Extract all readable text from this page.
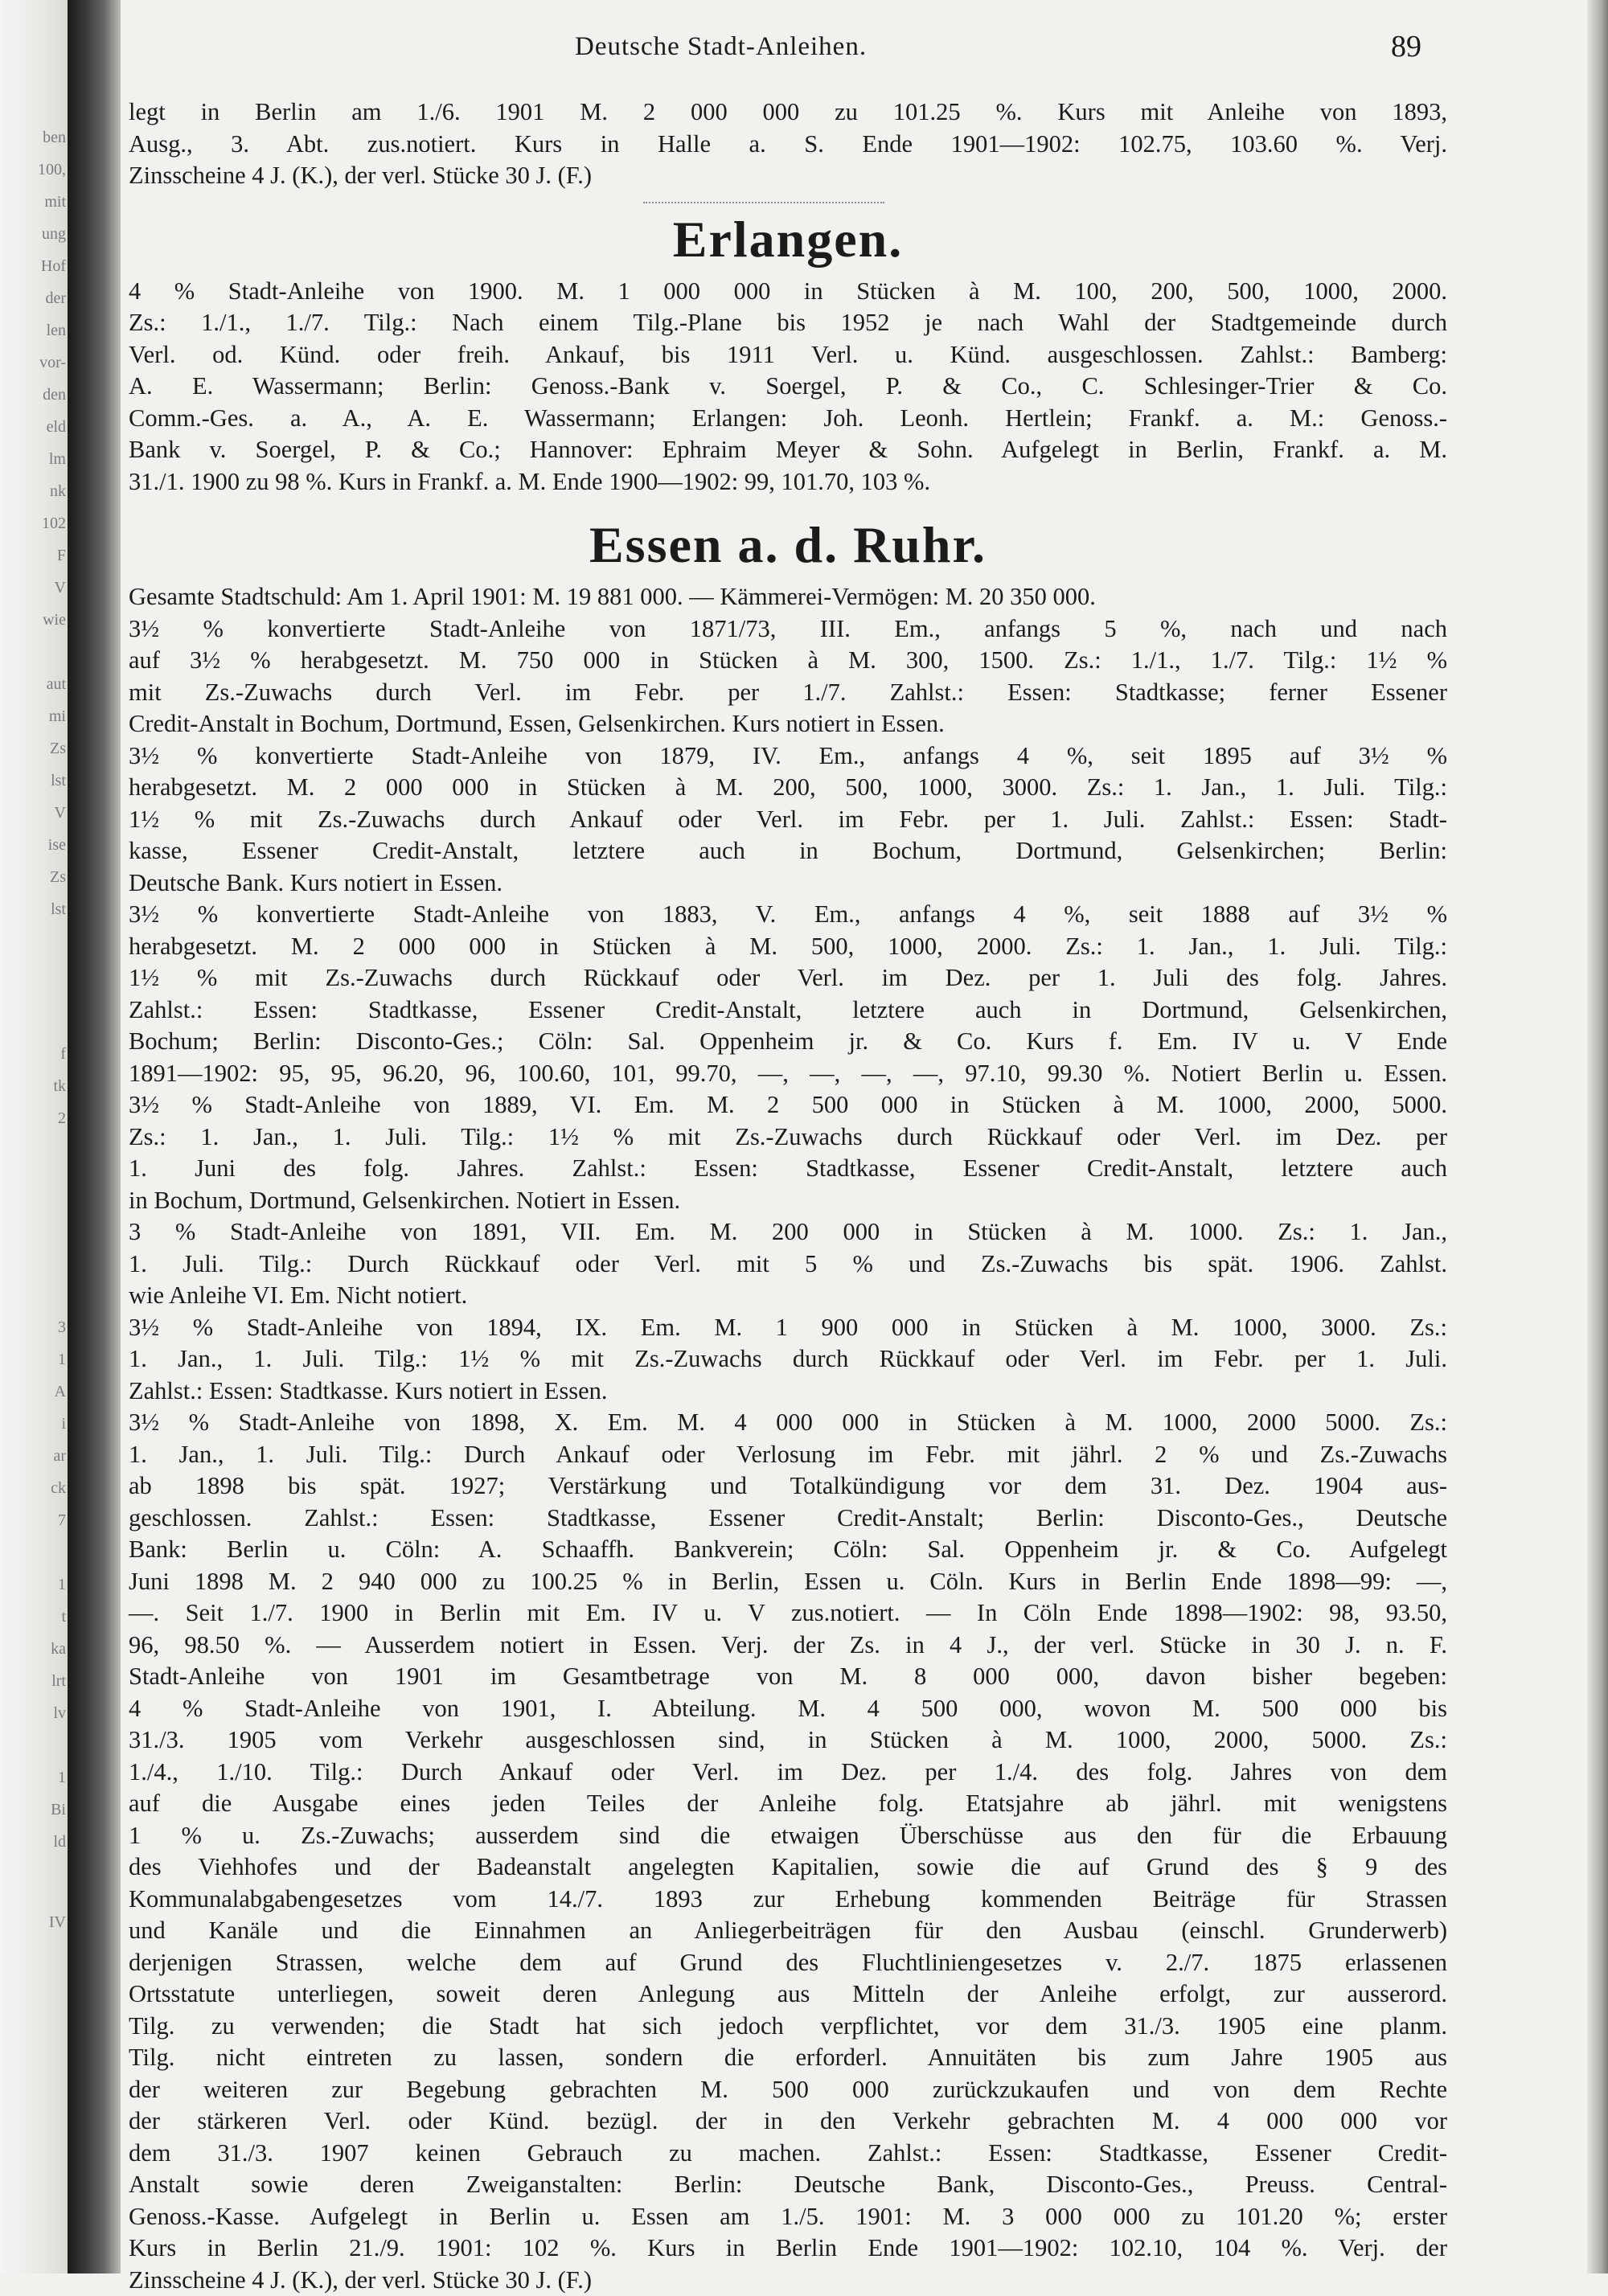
ben
100,
mit
ung
Hof
der
len
vor-
den
eld
lm
nk
102
F
V
wie
aut
mi
Zs
lst
V
ise
Zs
lst
f
tk
2
3
1
A
i
ar
ck
7
1
t
ka
lrt
lv
1
Bi
ld
IV
Deutsche Stadt-Anleihen.	89
legt in Berlin am 1./6. 1901 M. 2 000 000 zu 101.25 %. Kurs mit Anleihe von 1893,
Ausg., 3. Abt. zus.notiert. Kurs in Halle a. S. Ende 1901—1902: 102.75, 103.60 %. Verj.
Zinsscheine 4 J. (K.), der verl. Stücke 30 J. (F.)
Erlangen.
4 % Stadt-Anleihe von 1900. M. 1 000 000 in Stücken à M. 100, 200, 500, 1000, 2000.
Zs.: 1./1., 1./7. Tilg.: Nach einem Tilg.-Plane bis 1952 je nach Wahl der Stadtgemeinde durch
Verl. od. Künd. oder freih. Ankauf, bis 1911 Verl. u. Künd. ausgeschlossen. Zahlst.: Bamberg:
A. E. Wassermann; Berlin: Genoss.-Bank v. Soergel, P. & Co., C. Schlesinger-Trier & Co.
Comm.-Ges. a. A., A. E. Wassermann; Erlangen: Joh. Leonh. Hertlein; Frankf. a. M.: Genoss.-
Bank v. Soergel, P. & Co.; Hannover: Ephraim Meyer & Sohn. Aufgelegt in Berlin, Frankf. a. M.
31./1. 1900 zu 98 %. Kurs in Frankf. a. M. Ende 1900—1902: 99, 101.70, 103 %.
Essen a. d. Ruhr.
Gesamte Stadtschuld: Am 1. April 1901: M. 19 881 000. — Kämmerei-Vermögen: M. 20 350 000.
3½ % konvertierte Stadt-Anleihe von 1871/73, III. Em., anfangs 5 %, nach und nach
auf 3½ % herabgesetzt. M. 750 000 in Stücken à M. 300, 1500. Zs.: 1./1., 1./7. Tilg.: 1½ %
mit Zs.-Zuwachs durch Verl. im Febr. per 1./7. Zahlst.: Essen: Stadtkasse; ferner Essener
Credit-Anstalt in Bochum, Dortmund, Essen, Gelsenkirchen. Kurs notiert in Essen.
3½ % konvertierte Stadt-Anleihe von 1879, IV. Em., anfangs 4 %, seit 1895 auf 3½ %
herabgesetzt. M. 2 000 000 in Stücken à M. 200, 500, 1000, 3000. Zs.: 1. Jan., 1. Juli. Tilg.:
1½ % mit Zs.-Zuwachs durch Ankauf oder Verl. im Febr. per 1. Juli. Zahlst.: Essen: Stadt-
kasse, Essener Credit-Anstalt, letztere auch in Bochum, Dortmund, Gelsenkirchen; Berlin:
Deutsche Bank. Kurs notiert in Essen.
3½ % konvertierte Stadt-Anleihe von 1883, V. Em., anfangs 4 %, seit 1888 auf 3½ %
herabgesetzt. M. 2 000 000 in Stücken à M. 500, 1000, 2000. Zs.: 1. Jan., 1. Juli. Tilg.:
1½ % mit Zs.-Zuwachs durch Rückkauf oder Verl. im Dez. per 1. Juli des folg. Jahres.
Zahlst.: Essen: Stadtkasse, Essener Credit-Anstalt, letztere auch in Dortmund, Gelsenkirchen,
Bochum; Berlin: Disconto-Ges.; Cöln: Sal. Oppenheim jr. & Co. Kurs f. Em. IV u. V Ende
1891—1902: 95, 95, 96.20, 96, 100.60, 101, 99.70, —, —, —, —, 97.10, 99.30 %. Notiert Berlin u. Essen.
3½ % Stadt-Anleihe von 1889, VI. Em. M. 2 500 000 in Stücken à M. 1000, 2000, 5000.
Zs.: 1. Jan., 1. Juli. Tilg.: 1½ % mit Zs.-Zuwachs durch Rückkauf oder Verl. im Dez. per
1. Juni des folg. Jahres. Zahlst.: Essen: Stadtkasse, Essener Credit-Anstalt, letztere auch
in Bochum, Dortmund, Gelsenkirchen. Notiert in Essen.
3 % Stadt-Anleihe von 1891, VII. Em. M. 200 000 in Stücken à M. 1000. Zs.: 1. Jan.,
1. Juli. Tilg.: Durch Rückkauf oder Verl. mit 5 % und Zs.-Zuwachs bis spät. 1906. Zahlst.
wie Anleihe VI. Em. Nicht notiert.
3½ % Stadt-Anleihe von 1894, IX. Em. M. 1 900 000 in Stücken à M. 1000, 3000. Zs.:
1. Jan., 1. Juli. Tilg.: 1½ % mit Zs.-Zuwachs durch Rückkauf oder Verl. im Febr. per 1. Juli.
Zahlst.: Essen: Stadtkasse. Kurs notiert in Essen.
3½ % Stadt-Anleihe von 1898, X. Em. M. 4 000 000 in Stücken à M. 1000, 2000 5000. Zs.:
1. Jan., 1. Juli. Tilg.: Durch Ankauf oder Verlosung im Febr. mit jährl. 2 % und Zs.-Zuwachs
ab 1898 bis spät. 1927; Verstärkung und Totalkündigung vor dem 31. Dez. 1904 aus-
geschlossen. Zahlst.: Essen: Stadtkasse, Essener Credit-Anstalt; Berlin: Disconto-Ges., Deutsche
Bank: Berlin u. Cöln: A. Schaaffh. Bankverein; Cöln: Sal. Oppenheim jr. & Co. Aufgelegt
Juni 1898 M. 2 940 000 zu 100.25 % in Berlin, Essen u. Cöln. Kurs in Berlin Ende 1898—99: —,
—. Seit 1./7. 1900 in Berlin mit Em. IV u. V zus.notiert. — In Cöln Ende 1898—1902: 98, 93.50,
96, 98.50 %. — Ausserdem notiert in Essen. Verj. der Zs. in 4 J., der verl. Stücke in 30 J. n. F.
Stadt-Anleihe von 1901 im Gesamtbetrage von M. 8 000 000, davon bisher begeben:
4 % Stadt-Anleihe von 1901, I. Abteilung. M. 4 500 000, wovon M. 500 000 bis
31./3. 1905 vom Verkehr ausgeschlossen sind, in Stücken à M. 1000, 2000, 5000. Zs.:
1./4., 1./10. Tilg.: Durch Ankauf oder Verl. im Dez. per 1./4. des folg. Jahres von dem
auf die Ausgabe eines jeden Teiles der Anleihe folg. Etatsjahre ab jährl. mit wenigstens
1 % u. Zs.-Zuwachs; ausserdem sind die etwaigen Überschüsse aus den für die Erbauung
des Viehhofes und der Badeanstalt angelegten Kapitalien, sowie die auf Grund des § 9 des
Kommunalabgabengesetzes vom 14./7. 1893 zur Erhebung kommenden Beiträge für Strassen
und Kanäle und die Einnahmen an Anliegerbeiträgen für den Ausbau (einschl. Grunderwerb)
derjenigen Strassen, welche dem auf Grund des Fluchtliniengesetzes v. 2./7. 1875 erlassenen
Ortsstatute unterliegen, soweit deren Anlegung aus Mitteln der Anleihe erfolgt, zur ausserord.
Tilg. zu verwenden; die Stadt hat sich jedoch verpflichtet, vor dem 31./3. 1905 eine planm.
Tilg. nicht eintreten zu lassen, sondern die erforderl. Annuitäten bis zum Jahre 1905 aus
der weiteren zur Begebung gebrachten M. 500 000 zurückzukaufen und von dem Rechte
der stärkeren Verl. oder Künd. bezügl. der in den Verkehr gebrachten M. 4 000 000 vor
dem 31./3. 1907 keinen Gebrauch zu machen. Zahlst.: Essen: Stadtkasse, Essener Credit-
Anstalt sowie deren Zweiganstalten: Berlin: Deutsche Bank, Disconto-Ges., Preuss. Central-
Genoss.-Kasse. Aufgelegt in Berlin u. Essen am 1./5. 1901: M. 3 000 000 zu 101.20 %; erster
Kurs in Berlin 21./9. 1901: 102 %. Kurs in Berlin Ende 1901—1902: 102.10, 104 %. Verj. der
Zinsscheine 4 J. (K.), der verl. Stücke 30 J. (F.)
